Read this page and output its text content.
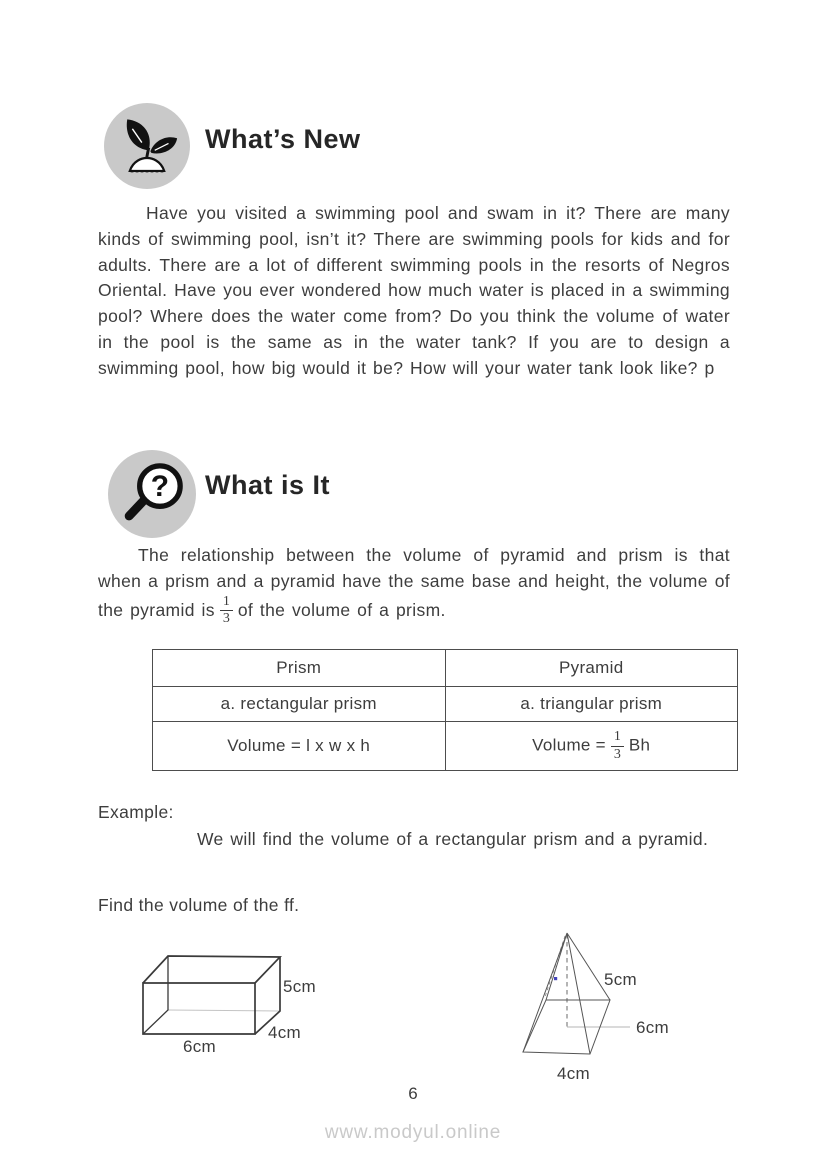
What’s New

Have you visited a swimming pool and swam in it? There are many kinds of swimming pool, isn’t it? There are swimming pools for kids and for adults. There are a lot of different swimming pools in the resorts of Negros Oriental. Have you ever wondered how much water is placed in a swimming pool? Where does the water come from? Do you think the volume of water in the pool is the same as in the water tank? If you are to design a swimming pool, how big would it be? How will your water tank look like? p

? What is It

The relationship between the volume of pyramid and prism is that when a prism and a pyramid have the same base and height, the volume of the pyramid is $\frac{1}{3}$ of the volume of a prism.

Prism	Pyramid
a. rectangular prism	a. triangular prism
Volume = l x w x h	Volume = $\frac{1}{3}$ Bh
Example:

We will find the volume of a rectangular prism and a pyramid.

Find the volume of the ff.
5cm
4cm
6cm
5cm
6cm
4cm
6
www.modyul.online
